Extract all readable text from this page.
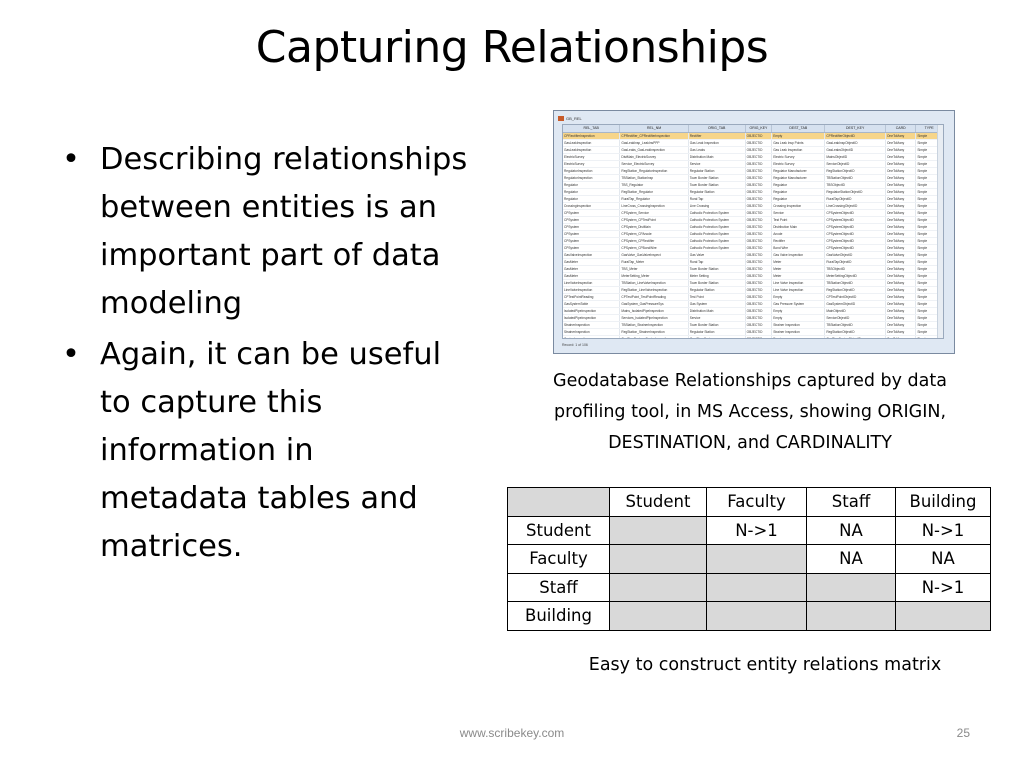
Capturing Relationships
• Describing relationships between entities is an important part of data modeling
• Again, it can be useful to capture this information in metadata tables and matrices.
GB_REL
REL_TAB	REL_NM	ORIG_TAB	ORIG_KEY	DEST_TAB	DEST_KEY	CARD	TYPE
CPRectifierInspection	CPRectifier_CPRectifierInspection	Rectifier	OBJECTID	Empty	CPRectifierObjectID	OneToMany	Simple
GasLeakInspection	GasLeakInsp_LeakInsPPP	Gas Leak Inspection	OBJECTID	Gas Leak Insp Points	GasLeakInspObjectID	OneToMany	Simple
GasLeakInspection	GasLeaks_GasLeakInspection	Gas Leaks	OBJECTID	Gas Leak Inspection	GasLeaksObjectID	OneToMany	Simple
ElectricSurvey	DistMain_ElectricSurvey	Distribution Main	OBJECTID	Electric Survey	MainsObjectID	OneToMany	Simple
ElectricSurvey	Service_ElectricSurvey	Service	OBJECTID	Electric Survey	ServiceObjectID	OneToMany	Simple
RegulatorInspection	RegStation_RegulatorInspection	Regulator Station	OBJECTID	Regulator Manufacturer	RegStationObjectID	OneToMany	Simple
RegulatorInspection	TBStation_StationInsp	Town Border Station	OBJECTID	Regulator Manufacturer	TBStationObjectID	OneToMany	Simple
Regulator	TBS_Regulator	Town Border Station	OBJECTID	Regulator	TBSObjectID	OneToMany	Simple
Regulator	RegStation_Regulator	Regulator Station	OBJECTID	Regulator	RegulatorStationObjectID	OneToMany	Simple
Regulator	RuralTap_Regulator	Rural Tap	OBJECTID	Regulator	RuralTapObjectID	OneToMany	Simple
CrossingInspection	LineCross_CrossingInspection	Line Crossing	OBJECTID	Crossing Inspection	LineCrossingObjectID	OneToMany	Simple
CPSystem	CPSystem_Service	Cathodic Protection System	OBJECTID	Service	CPSystemObjectID	OneToMany	Simple
CPSystem	CPSystem_CPTestPoint	Cathodic Protection System	OBJECTID	Test Point	CPSystemObjectID	OneToMany	Simple
CPSystem	CPSystem_DistMain	Cathodic Protection System	OBJECTID	Distribution Main	CPSystemObjectID	OneToMany	Simple
CPSystem	CPSystem_CPAnode	Cathodic Protection System	OBJECTID	Anode	CPSystemObjectID	OneToMany	Simple
CPSystem	CPSystem_CPRectifier	Cathodic Protection System	OBJECTID	Rectifier	CPSystemObjectID	OneToMany	Simple
CPSystem	CPSystem_CPBondWire	Cathodic Protection System	OBJECTID	Bond Wire	CPSystemObjectID	OneToMany	Simple
GasValveInspection	GasValve_GasValveInspect	Gas Valve	OBJECTID	Gas Valve Inspection	GasValveObjectID	OneToMany	Simple
GasMeter	RuralTap_Meter	Rural Tap	OBJECTID	Meter	RuralTapObjectID	OneToMany	Simple
GasMeter	TBS_Meter	Town Border Station	OBJECTID	Meter	TBSObjectID	OneToMany	Simple
GasMeter	MeterSetting_Meter	Meter Setting	OBJECTID	Meter	MeterSettingObjectID	OneToMany	Simple
LineValveInspection	TBStation_LineValveInspection	Town Border Station	OBJECTID	Line Valve Inspection	TBStationObjectID	OneToMany	Simple
LineValveInspection	RegStation_LineValveInspection	Regulator Station	OBJECTID	Line Valve Inspection	RegStationObjectID	OneToMany	Simple
CPTestPointReading	CPTestPoint_TestPointReading	Test Point	OBJECTID	Empty	CPTestPointObjectID	OneToMany	Simple
GasSystemTable	GasSystem_GasPressureSys	Gas System	OBJECTID	Gas Pressure System	GasSystemObjectID	OneToMany	Simple
IsolatedPipeInspection	Mains_IsolatedPipeInspection	Distribution Main	OBJECTID	Empty	MainObjectID	OneToMany	Simple
IsolatedPipeInspection	Services_IsolatedPipeInspection	Service	OBJECTID	Empty	ServiceObjectID	OneToMany	Simple
StrainerInspection	TBStation_StrainerInspection	Town Border Station	OBJECTID	Strainer Inspection	TBStationObjectID	OneToMany	Simple
StrainerInspection	RegStation_StrainerInspection	Regulator Station	OBJECTID	Strainer Inspection	RegStationObjectID	OneToMany	Simple
CasingInspection	GasPipeCasing_CasingInspection	Gas Pipe Casing	OBJECTID	Empty	GasPipeCasingObjectID	OneToMany	Simple

Record: 1 of 106
Geodatabase Relationships captured by data profiling tool, in MS Access, showing ORIGIN, DESTINATION, and CARDINALITY
	Student	Faculty	Staff	Building
Student		N->1	NA	N->1
Faculty			NA	NA
Staff				N->1
Building				
Easy to construct entity relations matrix
www.scribekey.com	25
